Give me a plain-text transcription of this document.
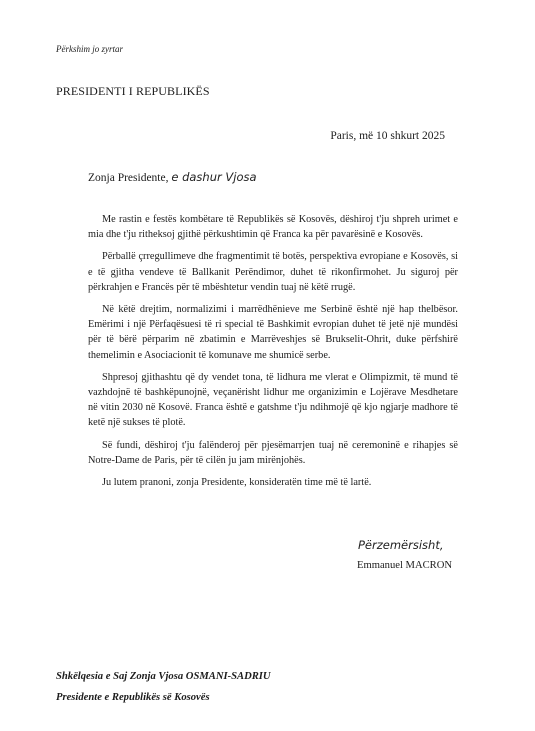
Përkshim jo zyrtar
PRESIDENTI I REPUBLIKËS
Paris, më 10 shkurt 2025
Zonja Presidente, e dashur Vjosa

Me rastin e festës kombëtare të Republikës së Kosovës, dëshiroj t'ju shpreh urimet e mia dhe t'ju ritheksoj gjithë përkushtimin që Franca ka për pavarësinë e Kosovës.

Përballë çrregullimeve dhe fragmentimit të botës, perspektiva evropiane e Kosovës, si e të gjitha vendeve të Ballkanit Perëndimor, duhet të rikonfirmohet. Ju siguroj për përkrahjen e Francës për të mbështetur vendin tuaj në këtë rrugë.

Në këtë drejtim, normalizimi i marrëdhënieve me Serbinë është një hap thelbësor. Emërimi i një Përfaqësuesi të ri special të Bashkimit evropian duhet të jetë një mundësi për të bërë përparim në zbatimin e Marrëveshjes së Brukselit-Ohrit, duke përfshirë themelimin e Asociacionit të komunave me shumicë serbe.

Shpresoj gjithashtu që dy vendet tona, të lidhura me vlerat e Olimpizmit, të mund të vazhdojnë të bashkëpunojnë, veçanërisht lidhur me organizimin e Lojërave Mesdhetare në vitin 2030 në Kosovë. Franca është e gatshme t'ju ndihmojë që kjo ngjarje madhore të ketë një sukses të plotë.

Së fundi, dëshiroj t'ju falënderoj për pjesëmarrjen tuaj në ceremoninë e rihapjes së Notre-Dame de Paris, për të cilën ju jam mirënjohës.

Ju lutem pranoni, zonja Presidente, konsideratën time më të lartë.

Përzemërsisht,
Emmanuel MACRON
Shkëlqesia e Saj Zonja Vjosa OSMANI-SADRIU
Presidente e Republikës së Kosovës
